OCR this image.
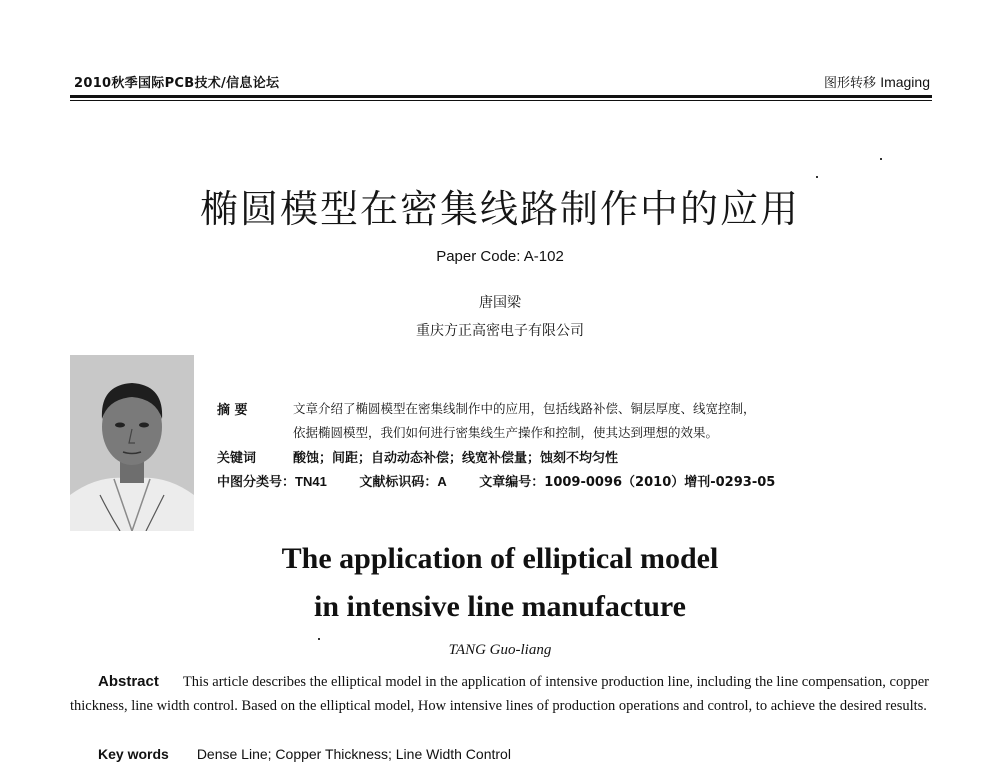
2010秋季国际PCB技术/信息论坛	图形转移 Imaging
椭圆模型在密集线路制作中的应用
Paper Code: A-102
唐国梁
重庆方正高密电子有限公司
摘 要	文章介绍了椭圆模型在密集线制作中的应用，包括线路补偿、铜层厚度、线宽控制，
依据椭圆模型，我们如何进行密集线生产操作和控制，使其达到理想的效果。
关键词	酸蚀；间距；自动动态补偿；线宽补偿量；蚀刻不均匀性
中图分类号：TN41	文献标识码：A	文章编号：1009-0096（2010）增刊-0293-05
The application of elliptical model
in intensive line manufacture
TANG Guo-liang
Abstract This article describes the elliptical model in the application of intensive production line, including the line compensation, copper thickness, line width control. Based on the elliptical model, How intensive lines of production operations and control, to achieve the desired results.
Key words Dense Line; Copper Thickness; Line Width Control
